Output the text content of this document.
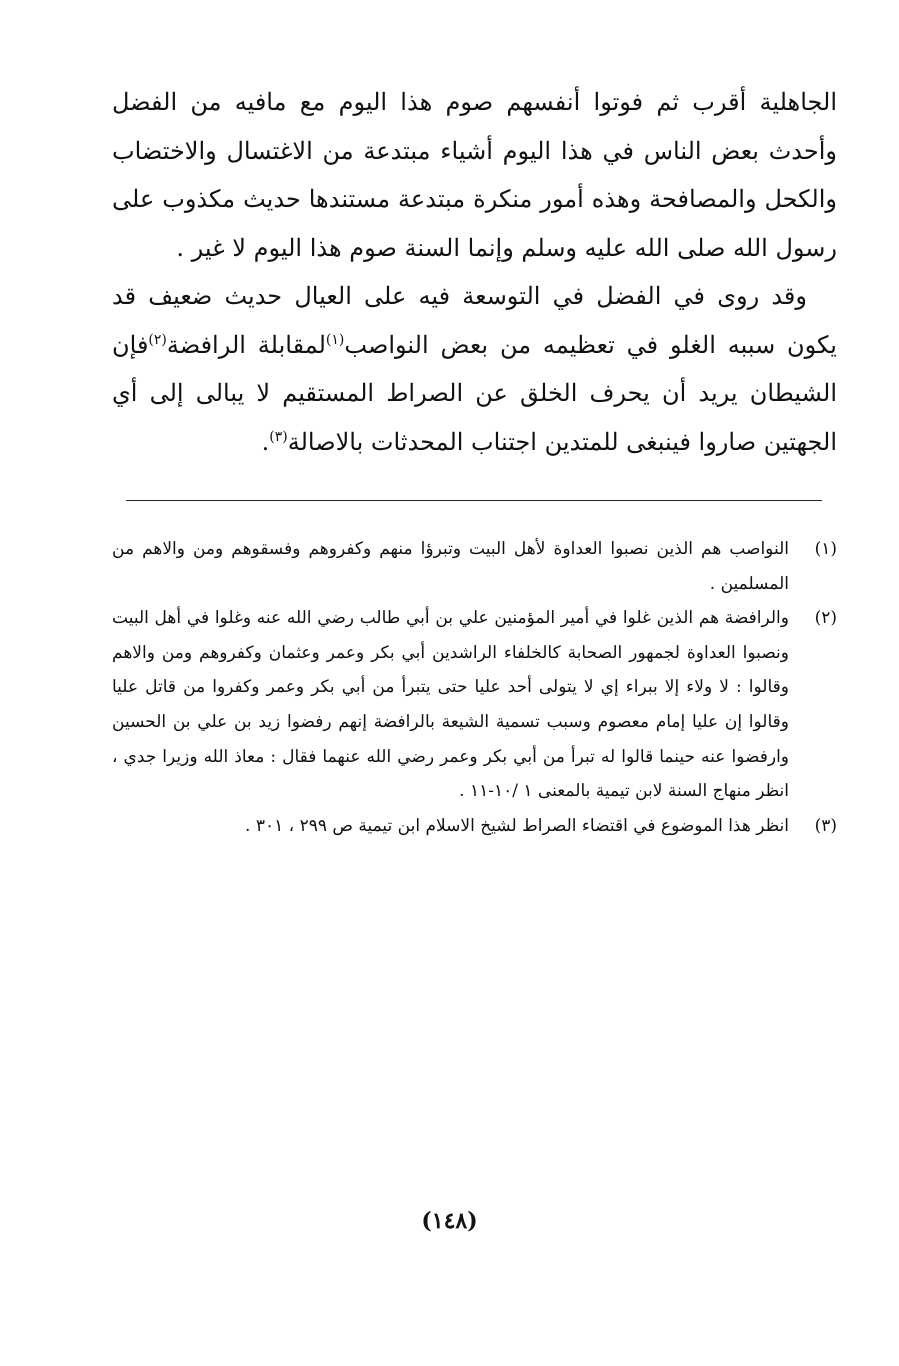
الجاهلية أقرب ثم فوتوا أنفسهم صوم هذا اليوم مع مافيه من الفضل وأحدث بعض الناس في هذا اليوم أشياء مبتدعة من الاغتسال والاختضاب والكحل والمصافحة وهذه أمور منكرة مبتدعة مستندها حديث مكذوب على رسول الله صلى الله عليه وسلم وإنما السنة صوم هذا اليوم لا غير .

وقد روى في الفضل في التوسعة فيه على العيال حديث ضعيف قد يكون سببه الغلو في تعظيمه من بعض النواصب$^{(١)}$لمقابلة الرافضة$^{(٢)}$فإن الشيطان يريد أن يحرف الخلق عن الصراط المستقيم لا يبالى إلى أي الجهتين صاروا فينبغى للمتدين اجتناب المحدثات بالاصالة$^{(٣)}$.

(١)
النواصب هم الذين نصبوا العداوة لأهل البيت وتبرؤا منهم وكفروهم وفسقوهم ومن والاهم من المسلمين .
(٢)
والرافضة هم الذين غلوا في أمير المؤمنين علي بن أبي طالب رضي الله عنه وغلوا في أهل البيت ونصبوا العداوة لجمهور الصحابة كالخلفاء الراشدين أبي بكر وعمر وعثمان وكفروهم ومن والاهم وقالوا : لا ولاء إلا ببراء إي لا يتولى أحد عليا حتى يتبرأ من أبي بكر وعمر وكفروا من قاتل عليا وقالوا إن عليا إمام معصوم وسبب تسمية الشيعة بالرافضة إنهم رفضوا زيد بن علي بن الحسين وارفضوا عنه حينما قالوا له تبرأ من أبي بكر وعمر رضي الله عنهما فقال : معاذ الله وزيرا جدي ، انظر منهاج السنة لابن تيمية بالمعنى ١ /١٠-١١ .
(٣)
انظر هذا الموضوع في اقتضاء الصراط لشيخ الاسلام ابن تيمية ص ٢٩٩ ، ٣٠١ .
(١٤٨)
